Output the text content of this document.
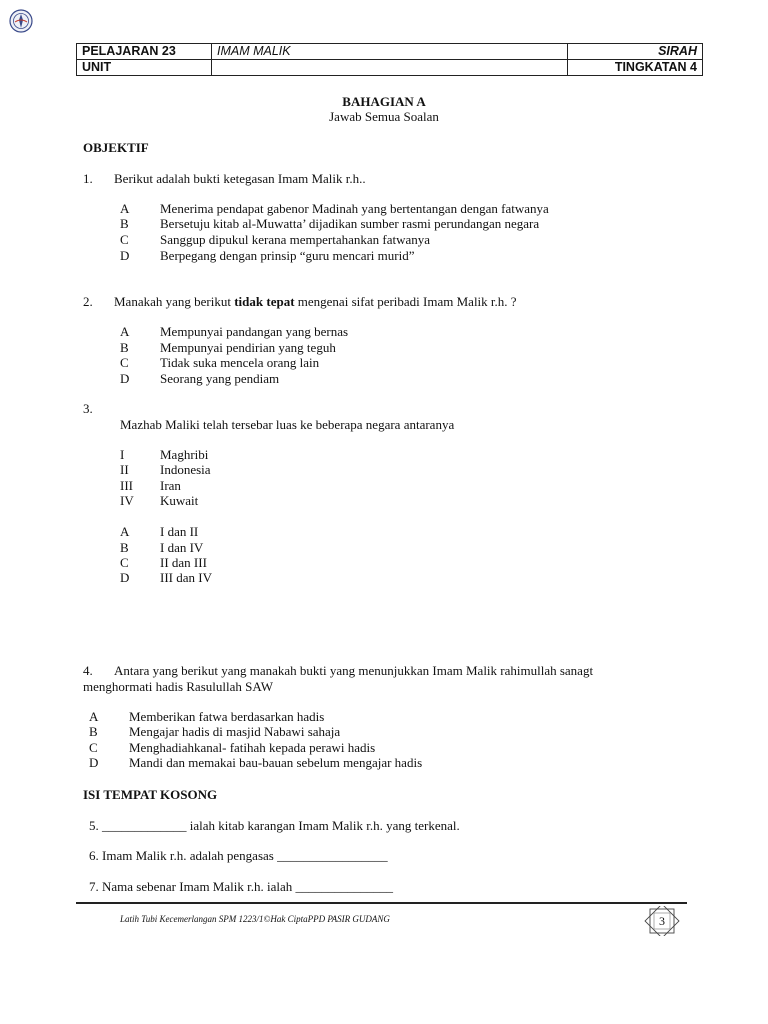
PELAJARAN 23	IMAM MALIK	SIRAH
UNIT		TINGKATAN 4
BAHAGIAN A
Jawab Semua Soalan
OBJEKTIF
1. Berikut adalah bukti ketegasan Imam Malik r.h..
A Menerima pendapat gabenor Madinah yang bertentangan dengan fatwanya
B Bersetuju kitab al-Muwatta’ dijadikan sumber rasmi perundangan negara
C Sanggup dipukul kerana mempertahankan fatwanya
D Berpegang dengan prinsip “guru mencari murid”
2. Manakah yang berikut tidak tepat mengenai sifat peribadi Imam Malik r.h. ?
A Mempunyai pandangan yang bernas
B Mempunyai pendirian yang teguh
C Tidak suka mencela orang lain
D Seorang yang pendiam
3.
Mazhab Maliki telah tersebar luas ke beberapa negara antaranya
I	Maghribi
II Indonesia
III Iran
IV Kuwait
A I dan II
B I dan IV
C II dan III
D III dan IV
4. Antara yang berikut yang manakah bukti yang menunjukkan Imam Malik rahimullah sanagt
menghormati hadis Rasulullah SAW
A Memberikan fatwa berdasarkan hadis
B Mengajar hadis di masjid Nabawi sahaja
C Menghadiahkanal- fatihah kepada perawi hadis
D Mandi dan memakai bau-bauan sebelum mengajar hadis
ISI TEMPAT KOSONG
5. _____________ ialah kitab karangan Imam Malik r.h. yang terkenal.
6. Imam Malik r.h. adalah pengasas _________________
7. Nama sebenar Imam Malik r.h. ialah _______________
Latih Tubi Kecemerlangan SPM 1223/1©Hak CiptaPPD PASIR GUDANG	3
